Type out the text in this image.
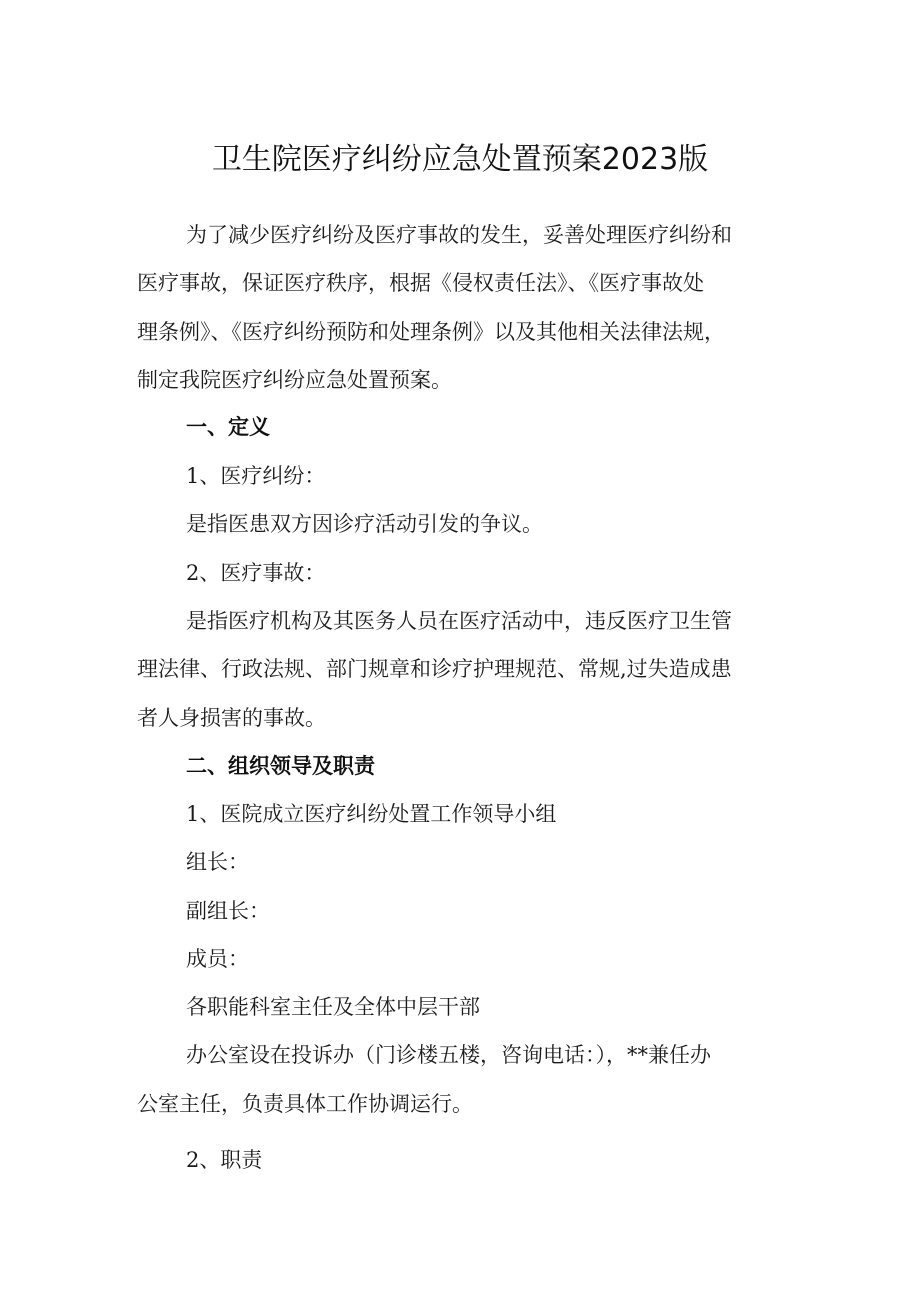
卫生院医疗纠纷应急处置预案2023版
为了减少医疗纠纷及医疗事故的发生，妥善处理医疗纠纷和
医疗事故，保证医疗秩序，根据《侵权责任法》、《医疗事故处
理条例》、《医疗纠纷预防和处理条例》以及其他相关法律法规，
制定我院医疗纠纷应急处置预案。
一、定义
1、医疗纠纷：
是指医患双方因诊疗活动引发的争议。
2、医疗事故：
是指医疗机构及其医务人员在医疗活动中，违反医疗卫生管
理法律、行政法规、部门规章和诊疗护理规范、常规,过失造成患
者人身损害的事故。
二、组织领导及职责
1、医院成立医疗纠纷处置工作领导小组
组长：
副组长：
成员：
各职能科室主任及全体中层干部
办公室设在投诉办（门诊楼五楼，咨询电话：），**兼任办
公室主任，负责具体工作协调运行。
2、职责
